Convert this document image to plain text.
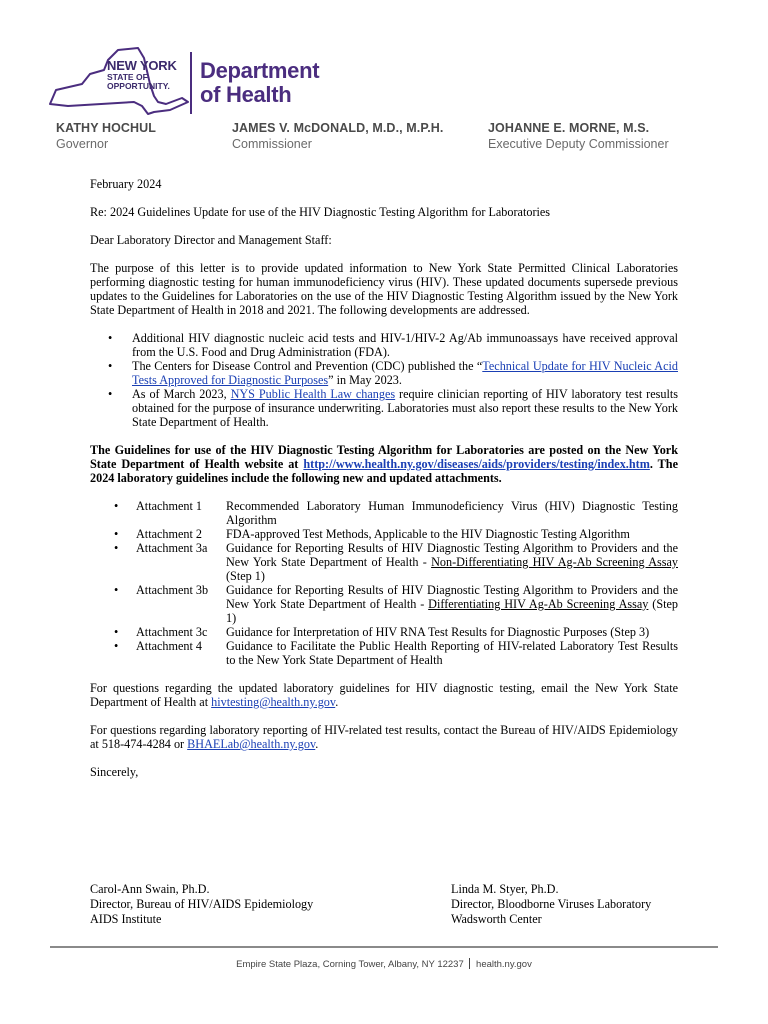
NEW YORK
STATE OF
OPPORTUNITY.
Department
of Health
KATHY HOCHUL
Governor
JAMES V. McDONALD, M.D., M.P.H.
Commissioner
JOHANNE E. MORNE, M.S.
Executive Deputy Commissioner

February 2024

Re: 2024 Guidelines Update for use of the HIV Diagnostic Testing Algorithm for Laboratories

Dear Laboratory Director and Management Staff:

The purpose of this letter is to provide updated information to New York State Permitted Clinical Laboratories performing diagnostic testing for human immunodeficiency virus (HIV). These updated documents supersede previous updates to the Guidelines for Laboratories on the use of the HIV Diagnostic Testing Algorithm issued by the New York State Department of Health in 2018 and 2021. The following developments are addressed.

• Additional HIV diagnostic nucleic acid tests and HIV-1/HIV-2 Ag/Ab immunoassays have received approval from the U.S. Food and Drug Administration (FDA).
• The Centers for Disease Control and Prevention (CDC) published the “Technical Update for HIV Nucleic Acid Tests Approved for Diagnostic Purposes” in May 2023.
• As of March 2023, NYS Public Health Law changes require clinician reporting of HIV laboratory test results obtained for the purpose of insurance underwriting. Laboratories must also report these results to the New York State Department of Health.

The Guidelines for use of the HIV Diagnostic Testing Algorithm for Laboratories are posted on the New York State Department of Health website at http://www.health.ny.gov/diseases/aids/providers/testing/index.htm. The 2024 laboratory guidelines include the following new and updated attachments.

• Attachment 1	Recommended Laboratory Human Immunodeficiency Virus (HIV) Diagnostic Testing Algorithm
• Attachment 2	FDA-approved Test Methods, Applicable to the HIV Diagnostic Testing Algorithm
• Attachment 3a	Guidance for Reporting Results of HIV Diagnostic Testing Algorithm to Providers and the New York State Department of Health - Non-Differentiating HIV Ag-Ab Screening Assay (Step 1)
• Attachment 3b	Guidance for Reporting Results of HIV Diagnostic Testing Algorithm to Providers and the New York State Department of Health - Differentiating HIV Ag-Ab Screening Assay (Step 1)
• Attachment 3c	Guidance for Interpretation of HIV RNA Test Results for Diagnostic Purposes (Step 3)
• Attachment 4	Guidance to Facilitate the Public Health Reporting of HIV-related Laboratory Test Results to the New York State Department of Health

For questions regarding the updated laboratory guidelines for HIV diagnostic testing, email the New York State Department of Health at hivtesting@health.ny.gov.

For questions regarding laboratory reporting of HIV-related test results, contact the Bureau of HIV/AIDS Epidemiology at 518-474-4284 or BHAELab@health.ny.gov.

Sincerely,

Carol-Ann Swain, Ph.D.
Director, Bureau of HIV/AIDS Epidemiology
AIDS Institute
Linda M. Styer, Ph.D.
Director, Bloodborne Viruses Laboratory
Wadsworth Center
Empire State Plaza, Corning Tower, Albany, NY 12237 health.ny.gov
